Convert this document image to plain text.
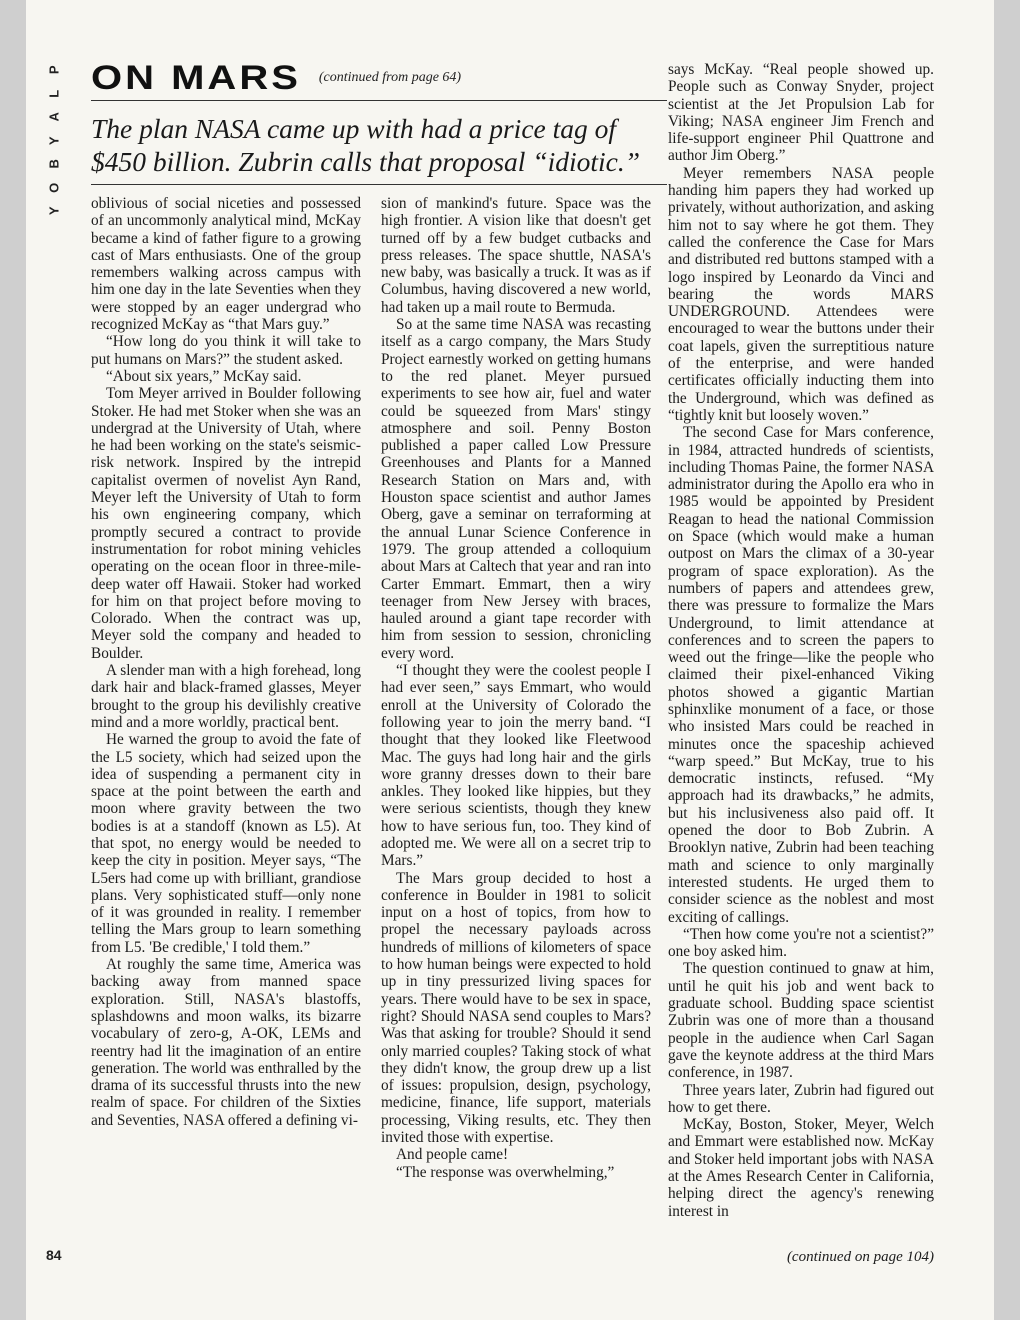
P
L
A
Y
B
O
Y
ON MARS (continued from page 64)

The plan NASA came up with had a price tag of $450 billion. Zubrin calls that proposal “idiotic.”

oblivious of social niceties and possessed of an uncommonly analytical mind, McKay became a kind of father figure to a growing cast of Mars enthusiasts. One of the group remembers walking across campus with him one day in the late Seventies when they were stopped by an eager undergrad who recognized McKay as “that Mars guy.”

“How long do you think it will take to put humans on Mars?” the student asked.

“About six years,” McKay said.

Tom Meyer arrived in Boulder following Stoker. He had met Stoker when she was an undergrad at the University of Utah, where he had been working on the state's seismic-risk network. Inspired by the intrepid capitalist overmen of novelist Ayn Rand, Meyer left the University of Utah to form his own engineering company, which promptly secured a contract to provide instrumentation for robot mining vehicles operating on the ocean floor in three-mile-deep water off Hawaii. Stoker had worked for him on that project before moving to Colorado. When the contract was up, Meyer sold the company and headed to Boulder.

A slender man with a high forehead, long dark hair and black-framed glasses, Meyer brought to the group his devilishly creative mind and a more worldly, practical bent.

He warned the group to avoid the fate of the L5 society, which had seized upon the idea of suspending a permanent city in space at the point between the earth and moon where gravity between the two bodies is at a standoff (known as L5). At that spot, no energy would be needed to keep the city in position. Meyer says, “The L5ers had come up with brilliant, grandiose plans. Very sophisticated stuff—only none of it was grounded in reality. I remember telling the Mars group to learn something from L5. 'Be credible,' I told them.”

At roughly the same time, America was backing away from manned space exploration. Still, NASA's blastoffs, splashdowns and moon walks, its bizarre vocabulary of zero-g, A-OK, LEMs and reentry had lit the imagination of an entire generation. The world was enthralled by the drama of its successful thrusts into the new realm of space. For children of the Sixties and Seventies, NASA offered a defining vi-

sion of mankind's future. Space was the high frontier. A vision like that doesn't get turned off by a few budget cutbacks and press releases. The space shuttle, NASA's new baby, was basically a truck. It was as if Columbus, having discovered a new world, had taken up a mail route to Bermuda.

So at the same time NASA was recasting itself as a cargo company, the Mars Study Project earnestly worked on getting humans to the red planet. Meyer pursued experiments to see how air, fuel and water could be squeezed from Mars' stingy atmosphere and soil. Penny Boston published a paper called Low Pressure Greenhouses and Plants for a Manned Research Station on Mars and, with Houston space scientist and author James Oberg, gave a seminar on terraforming at the annual Lunar Science Conference in 1979. The group attended a colloquium about Mars at Caltech that year and ran into Carter Emmart. Emmart, then a wiry teenager from New Jersey with braces, hauled around a giant tape recorder with him from session to session, chronicling every word.

“I thought they were the coolest people I had ever seen,” says Emmart, who would enroll at the University of Colorado the following year to join the merry band. “I thought that they looked like Fleetwood Mac. The guys had long hair and the girls wore granny dresses down to their bare ankles. They looked like hippies, but they were serious scientists, though they knew how to have serious fun, too. They kind of adopted me. We were all on a secret trip to Mars.”

The Mars group decided to host a conference in Boulder in 1981 to solicit input on a host of topics, from how to propel the necessary payloads across hundreds of millions of kilometers of space to how human beings were expected to hold up in tiny pressurized living spaces for years. There would have to be sex in space, right? Should NASA send couples to Mars? Was that asking for trouble? Should it send only married couples? Taking stock of what they didn't know, the group drew up a list of issues: propulsion, design, psychology, medicine, finance, life support, materials processing, Viking results, etc. They then invited those with expertise.

And people came!

“The response was overwhelming,”

says McKay. “Real people showed up. People such as Conway Snyder, project scientist at the Jet Propulsion Lab for Viking; NASA engineer Jim French and life-support engineer Phil Quattrone and author Jim Oberg.”

Meyer remembers NASA people handing him papers they had worked up privately, without authorization, and asking him not to say where he got them. They called the conference the Case for Mars and distributed red buttons stamped with a logo inspired by Leonardo da Vinci and bearing the words MARS UNDERGROUND. Attendees were encouraged to wear the buttons under their coat lapels, given the surreptitious nature of the enterprise, and were handed certificates officially inducting them into the Underground, which was defined as “tightly knit but loosely woven.”

The second Case for Mars conference, in 1984, attracted hundreds of scientists, including Thomas Paine, the former NASA administrator during the Apollo era who in 1985 would be appointed by President Reagan to head the national Commission on Space (which would make a human outpost on Mars the climax of a 30-year program of space exploration). As the numbers of papers and attendees grew, there was pressure to formalize the Mars Underground, to limit attendance at conferences and to screen the papers to weed out the fringe—like the people who claimed their pixel-enhanced Viking photos showed a gigantic Martian sphinxlike monument of a face, or those who insisted Mars could be reached in minutes once the spaceship achieved “warp speed.” But McKay, true to his democratic instincts, refused. “My approach had its drawbacks,” he admits, but his inclusiveness also paid off. It opened the door to Bob Zubrin. A Brooklyn native, Zubrin had been teaching math and science to only marginally interested students. He urged them to consider science as the noblest and most exciting of callings.

“Then how come you're not a scientist?” one boy asked him.

The question continued to gnaw at him, until he quit his job and went back to graduate school. Budding space scientist Zubrin was one of more than a thousand people in the audience when Carl Sagan gave the keynote address at the third Mars conference, in 1987.

Three years later, Zubrin had figured out how to get there.

McKay, Boston, Stoker, Meyer, Welch and Emmart were established now. McKay and Stoker held important jobs with NASA at the Ames Research Center in California, helping direct the agency's renewing interest in

(continued on page 104)
84
